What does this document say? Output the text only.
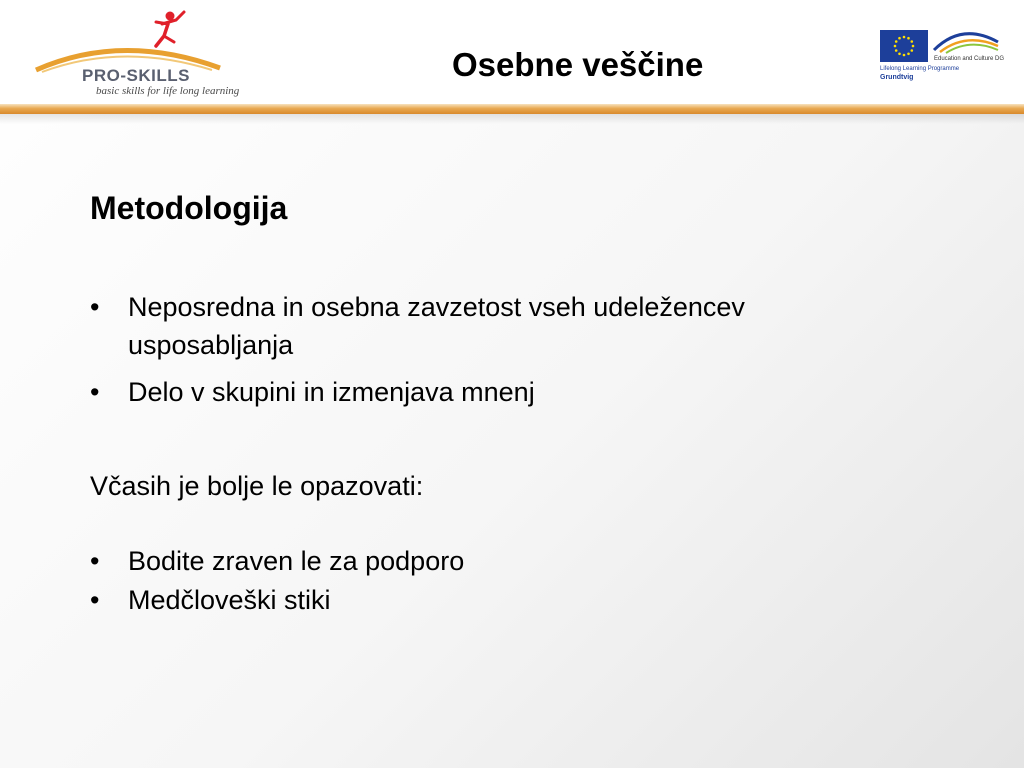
PRO-SKILLS
basic skills for life long learning
Osebne veščine	Education and Culture DG
Lifelong Learning Programme
Grundtvig
Metodologija
•	Neposredna in osebna zavzetost vseh udeležencev usposabljanja
•	Delo v skupini in izmenjava mnenj
Včasih je bolje le opazovati:
•	Bodite zraven le za podporo
•	Medčloveški stiki
